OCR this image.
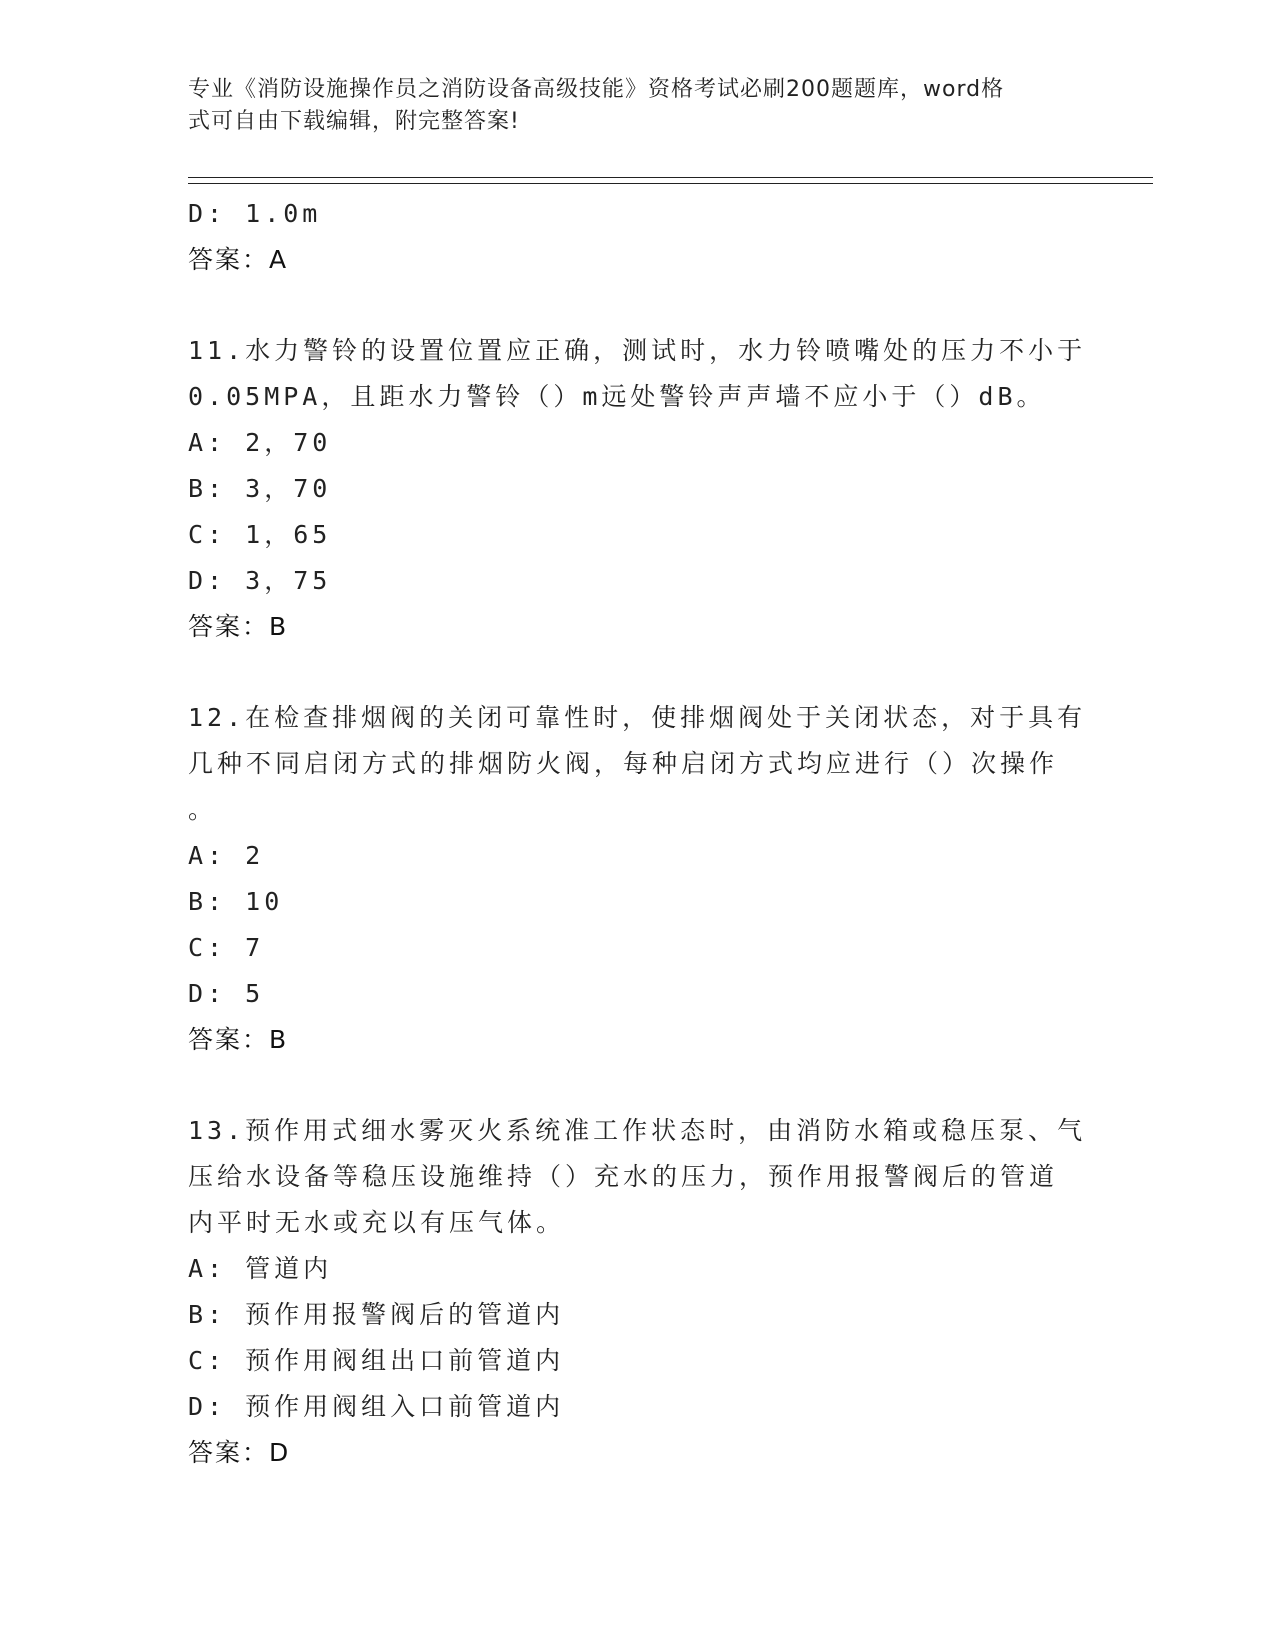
专业《消防设施操作员之消防设备高级技能》资格考试必刷200题题库，word格
式可自由下载编辑，附完整答案!
D: 1.0m
答案：A
11.水力警铃的设置位置应正确，测试时，水力铃喷嘴处的压力不小于
0.05MPA，且距水力警铃（）m远处警铃声声墙不应小于（）dB。
A: 2，70
B: 3，70
C: 1，65
D: 3，75
答案：B
12.在检查排烟阀的关闭可靠性时，使排烟阀处于关闭状态，对于具有
几种不同启闭方式的排烟防火阀，每种启闭方式均应进行（）次操作
。
A: 2
B: 10
C: 7
D: 5
答案：B
13.预作用式细水雾灭火系统准工作状态时，由消防水箱或稳压泵、气
压给水设备等稳压设施维持（）充水的压力，预作用报警阀后的管道
内平时无水或充以有压气体。
A: 管道内
B: 预作用报警阀后的管道内
C: 预作用阀组出口前管道内
D: 预作用阀组入口前管道内
答案：D
